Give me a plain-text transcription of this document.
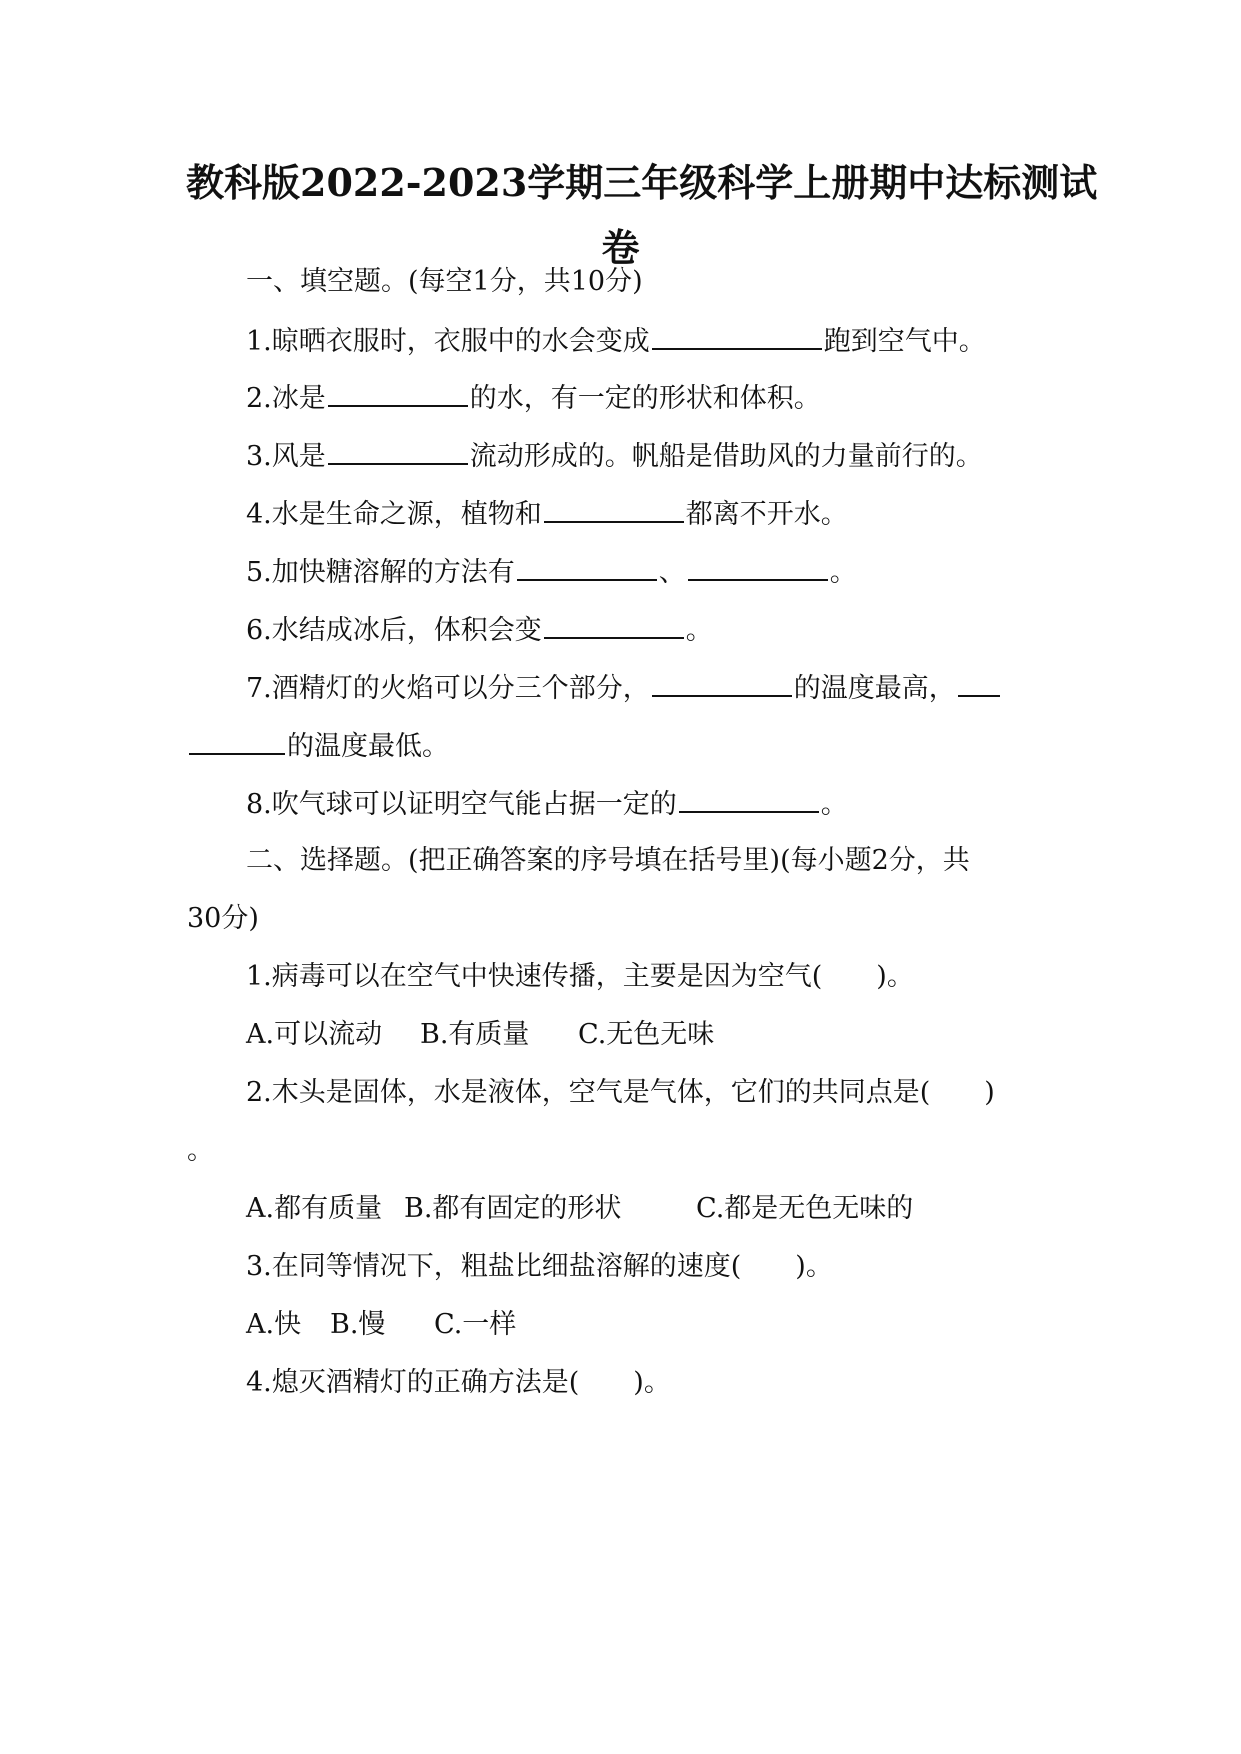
教科版2022-2023学期三年级科学上册期中达标测试
卷
一、填空题。(每空1分，共10分)
1.晾晒衣服时，衣服中的水会变成	跑到空气中。
2.冰是	的水，有一定的形状和体积。
3.风是	流动形成的。帆船是借助风的力量前行的。
4.水是生命之源，植物和	都离不开水。
5.加快糖溶解的方法有	、	。
6.水结成冰后，体积会变	。
7.酒精灯的火焰可以分三个部分，	的温度最高，
的温度最低。
8.吹气球可以证明空气能占据一定的	。
二、选择题。(把正确答案的序号填在括号里)(每小题2分，共
30分)
1.病毒可以在空气中快速传播，主要是因为空气(　　)。
A.可以流动 B.有质量 C.无色无味
2.木头是固体，水是液体，空气是气体，它们的共同点是(　　)
。
A.都有质量 B.都有固定的形状	C.都是无色无味的
3.在同等情况下，粗盐比细盐溶解的速度(　　)。
A.快 B.慢 C.一样
4.熄灭酒精灯的正确方法是(　　)。
